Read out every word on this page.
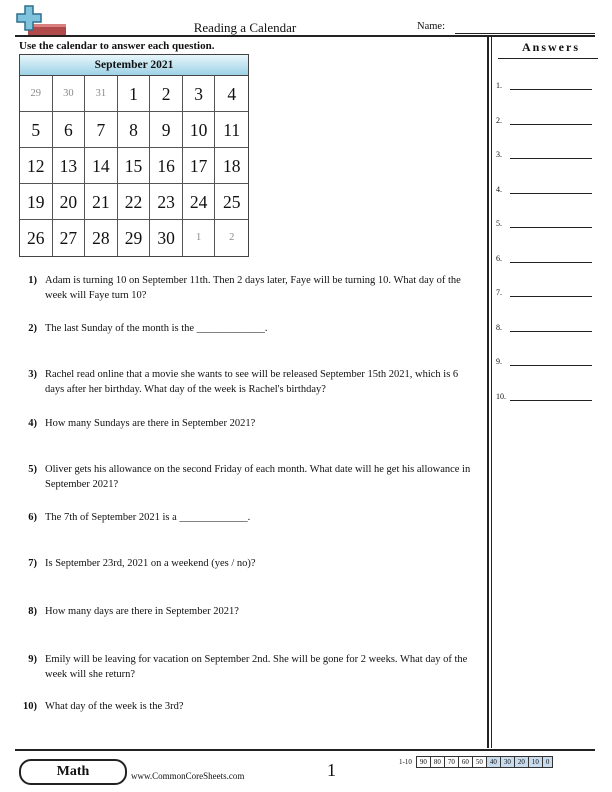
Reading a Calendar	Name:
Use the calendar to answer each question.
September 2021
29	30	31	1	2	3	4
5	6	7	8	9	10 11
12 13 14 15 16 17 18
19 20 21 22 23 24 25
26 27 28 29 30	1	2
1) Adam is turning 10 on September 11th. Then 2 days later, Faye will be turning 10. What day of the week will Faye turn 10?
2) The last Sunday of the month is the _____________.
3) Rachel read online that a movie she wants to see will be released September 15th 2021, which is 6 days after her birthday. What day of the week is Rachel's birthday?
4) How many Sundays are there in September 2021?
5) Oliver gets his allowance on the second Friday of each month. What date will he get his allowance in September 2021?
6) The 7th of September 2021 is a _____________.
7) Is September 23rd, 2021 on a weekend (yes / no)?
8) How many days are there in September 2021?
9) Emily will be leaving for vacation on September 2nd. She will be gone for 2 weeks. What day of the week will she return?
10) What day of the week is the 3rd?
Answers
1.
2.
3.
4.
5.
6.
7.
8.
9.
10.
Math	www.CommonCoreSheets.com	1	1-10	90	80	70	60	50	40	30	20	10	0
